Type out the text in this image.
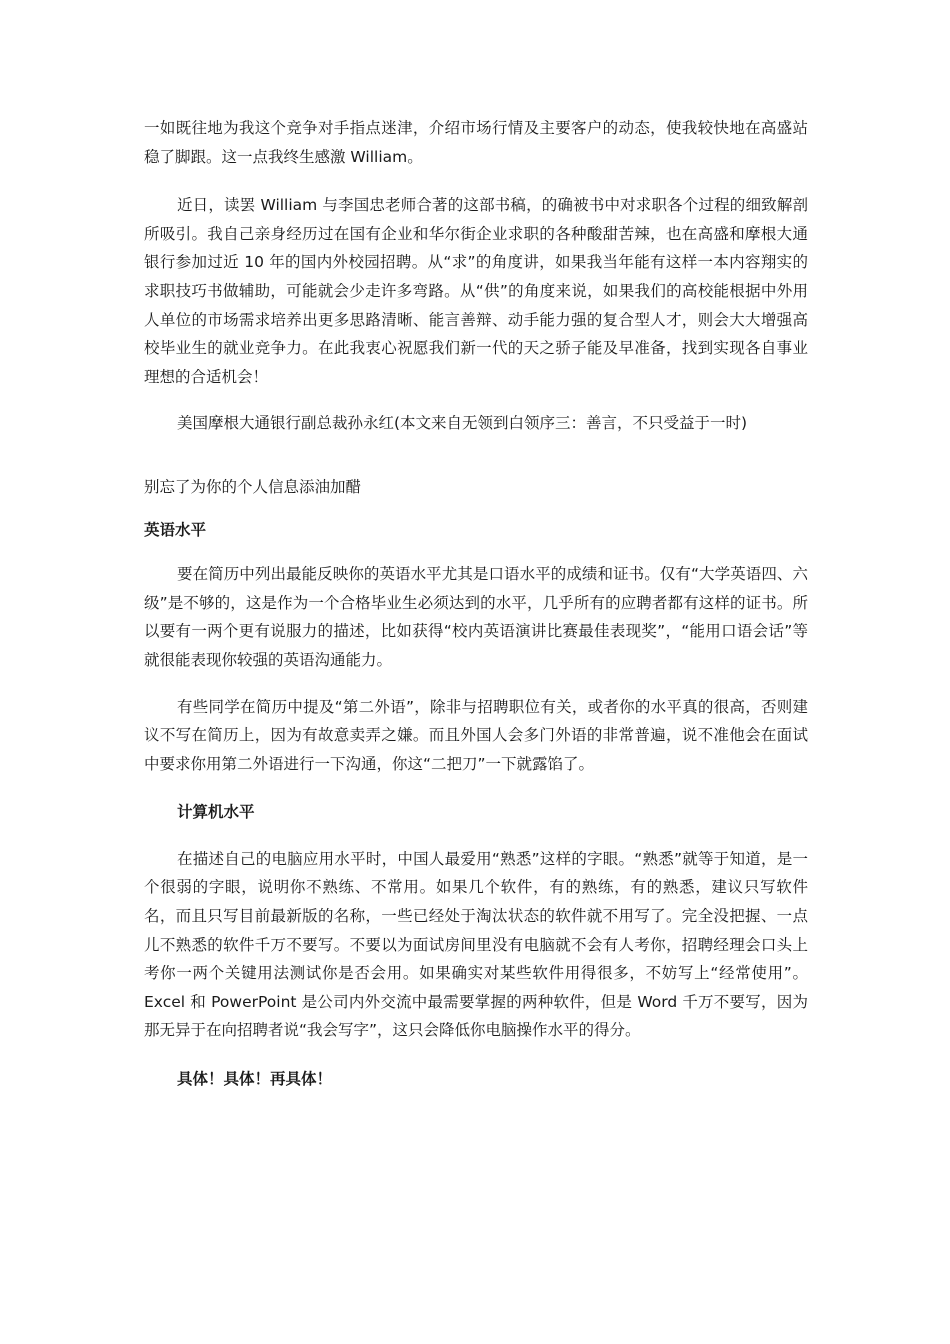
一如既往地为我这个竞争对手指点迷津，介绍市场行情及主要客户的动态，使我较快地在高盛站稳了脚跟。这一点我终生感激 William。

近日，读罢 William 与李国忠老师合著的这部书稿，的确被书中对求职各个过程的细致解剖所吸引。我自己亲身经历过在国有企业和华尔街企业求职的各种酸甜苦辣，也在高盛和摩根大通银行参加过近 10 年的国内外校园招聘。从“求”的角度讲，如果我当年能有这样一本内容翔实的求职技巧书做辅助，可能就会少走许多弯路。从“供”的角度来说，如果我们的高校能根据中外用人单位的市场需求培养出更多思路清晰、能言善辩、动手能力强的复合型人才，则会大大增强高校毕业生的就业竞争力。在此我衷心祝愿我们新一代的天之骄子能及早准备，找到实现各自事业理想的合适机会！

美国摩根大通银行副总裁孙永红(本文来自无领到白领序三：善言，不只受益于一时)

别忘了为你的个人信息添油加醋

英语水平

要在简历中列出最能反映你的英语水平尤其是口语水平的成绩和证书。仅有“大学英语四、六级”是不够的，这是作为一个合格毕业生必须达到的水平，几乎所有的应聘者都有这样的证书。所以要有一两个更有说服力的描述，比如获得“校内英语演讲比赛最佳表现奖”，“能用口语会话”等就很能表现你较强的英语沟通能力。

有些同学在简历中提及“第二外语”，除非与招聘职位有关，或者你的水平真的很高，否则建议不写在简历上，因为有故意卖弄之嫌。而且外国人会多门外语的非常普遍，说不准他会在面试中要求你用第二外语进行一下沟通，你这“二把刀”一下就露馅了。

计算机水平

在描述自己的电脑应用水平时，中国人最爱用“熟悉”这样的字眼。“熟悉”就等于知道，是一个很弱的字眼，说明你不熟练、不常用。如果几个软件，有的熟练，有的熟悉，建议只写软件名，而且只写目前最新版的名称，一些已经处于淘汰状态的软件就不用写了。完全没把握、一点儿不熟悉的软件千万不要写。不要以为面试房间里没有电脑就不会有人考你，招聘经理会口头上考你一两个关键用法测试你是否会用。如果确实对某些软件用得很多，不妨写上“经常使用”。Excel 和 PowerPoint 是公司内外交流中最需要掌握的两种软件，但是 Word 千万不要写，因为那无异于在向招聘者说“我会写字”，这只会降低你电脑操作水平的得分。

具体！具体！再具体！
